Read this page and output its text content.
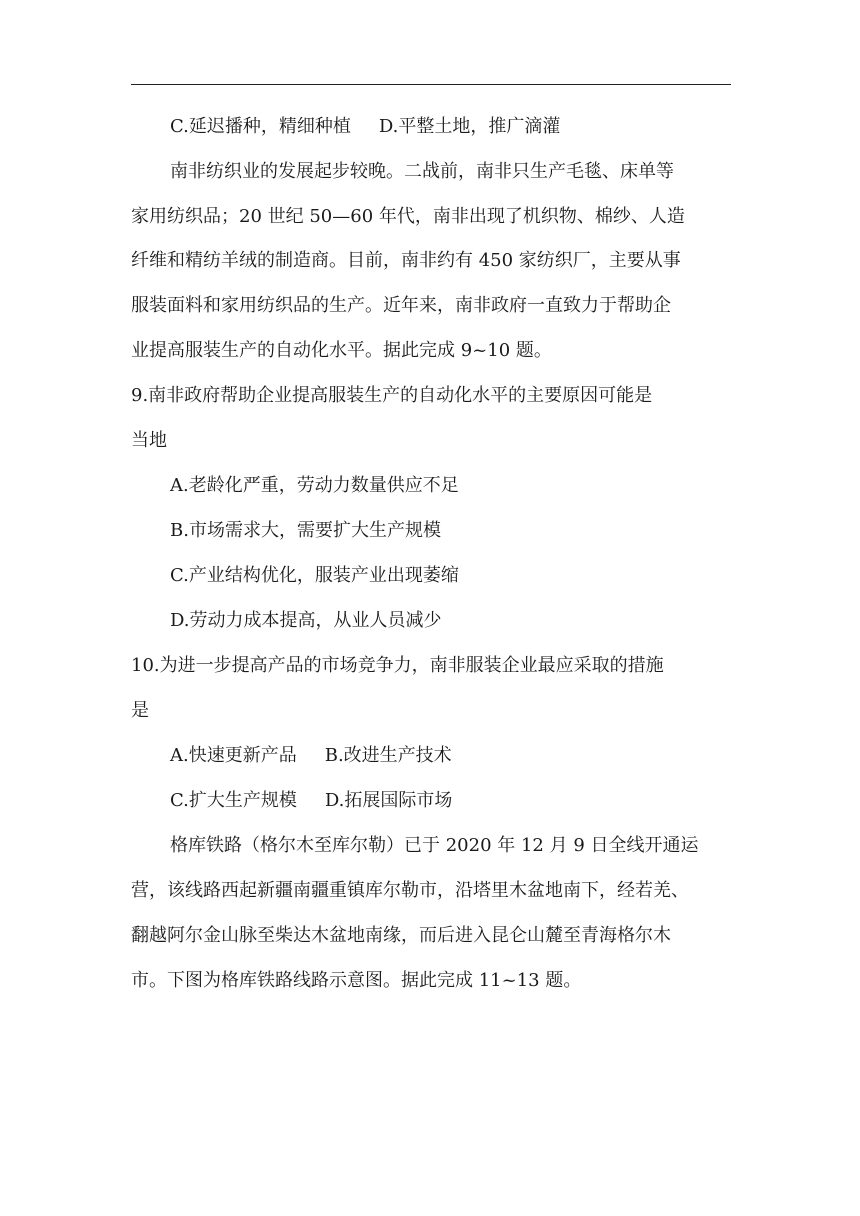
C.延迟播种，精细种植 D.平整土地，推广滴灌
南非纺织业的发展起步较晚。二战前，南非只生产毛毯、床单等
家用纺织品；20 世纪 50—60 年代，南非出现了机织物、棉纱、人造
纤维和精纺羊绒的制造商。目前，南非约有 450 家纺织厂，主要从事
服装面料和家用纺织品的生产。近年来，南非政府一直致力于帮助企
业提高服装生产的自动化水平。据此完成 9~10 题。
9.南非政府帮助企业提高服装生产的自动化水平的主要原因可能是
当地
A.老龄化严重，劳动力数量供应不足
B.市场需求大，需要扩大生产规模
C.产业结构优化，服装产业出现萎缩
D.劳动力成本提高，从业人员减少
10.为进一步提高产品的市场竞争力，南非服装企业最应采取的措施
是
A.快速更新产品 B.改进生产技术
C.扩大生产规模 D.拓展国际市场
格库铁路（格尔木至库尔勒）已于 2020 年 12 月 9 日全线开通运
营，该线路西起新疆南疆重镇库尔勒市，沿塔里木盆地南下，经若羌、
翻越阿尔金山脉至柴达木盆地南缘，而后进入昆仑山麓至青海格尔木
市。下图为格库铁路线路示意图。据此完成 11~13 题。
